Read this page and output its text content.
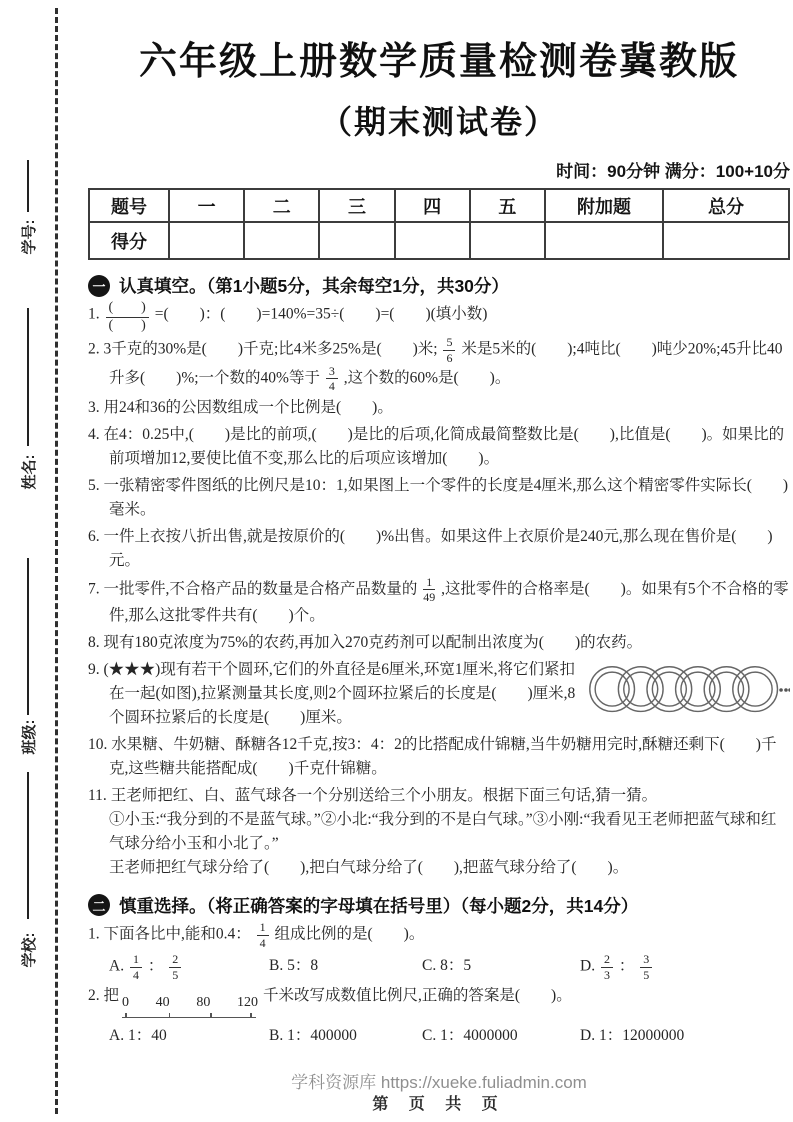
学号:
姓名:
班级:
学校:
六年级上册数学质量检测卷冀教版
（期末测试卷）
时间：90分钟 满分：100+10分
题号	一	二	三	四	五	附加题	总分
得分							
一 认真填空。（第1小题5分，其余每空1分，共30分）
1. $\frac{( )}{( )}$ =(　　)：(　　)=140%=35÷(　　)=(　　)(填小数)
2. 3千克的30%是(　　)千克;比4米多25%是(　　)米; $\frac{5}{6}$ 米是5米的(　　);4吨比(　　)吨少20%;45升比40升多(　　)%;一个数的40%等于 $\frac{3}{4}$ ,这个数的60%是(　　)。
3. 用24和36的公因数组成一个比例是(　　)。
4. 在4：0.25中,(　　)是比的前项,(　　)是比的后项,化简成最简整数比是(　　),比值是(　　)。如果比的前项增加12,要使比值不变,那么比的后项应该增加(　　)。
5. 一张精密零件图纸的比例尺是10：1,如果图上一个零件的长度是4厘米,那么这个精密零件实际长(　　)毫米。
6. 一件上衣按八折出售,就是按原价的(　　)%出售。如果这件上衣原价是240元,那么现在售价是(　　)元。
7. 一批零件,不合格产品的数量是合格产品数量的 $\frac{1}{49}$ ,这批零件的合格率是(　　)。如果有5个不合格的零件,那么这批零件共有(　　)个。
8. 现有180克浓度为75%的农药,再加入270克药剂可以配制出浓度为(　　)的农药。
9. (★★★)现有若干个圆环,它们的外直径是6厘米,环宽1厘米,将它们紧扣在一起(如图),拉紧测量其长度,则2个圆环拉紧后的长度是(　　)厘米,8个圆环拉紧后的长度是(　　)厘米。
10. 水果糖、牛奶糖、酥糖各12千克,按3：4：2的比搭配成什锦糖,当牛奶糖用完时,酥糖还剩下(　　)千克,这些糖共能搭配成(　　)千克什锦糖。
11. 王老师把红、白、蓝气球各一个分别送给三个小朋友。根据下面三句话,猜一猜。
①小玉:“我分到的不是蓝气球。”②小北:“我分到的不是白气球。”③小刚:“我看见王老师把蓝气球和红气球分给小玉和小北了。”
王老师把红气球分给了(　　),把白气球分给了(　　),把蓝气球分给了(　　)。
二 慎重选择。（将正确答案的字母填在括号里）（每小题2分，共14分）
1. 下面各比中,能和0.4： $\frac{1}{4}$ 组成比例的是(　　)。
A. $\frac{1}{4}$ ： $\frac{2}{5}$	B. 5：8	C. 8：5	D. $\frac{2}{3}$ ： $\frac{3}{5}$
2. 把 0 40 80 120 千米改写成数值比例尺,正确的答案是(　　)。
A. 1：40	B. 1：400000	C. 1：4000000	D. 1：12000000
学科资源库 https://xueke.fuliadmin.com
第 页 共 页
